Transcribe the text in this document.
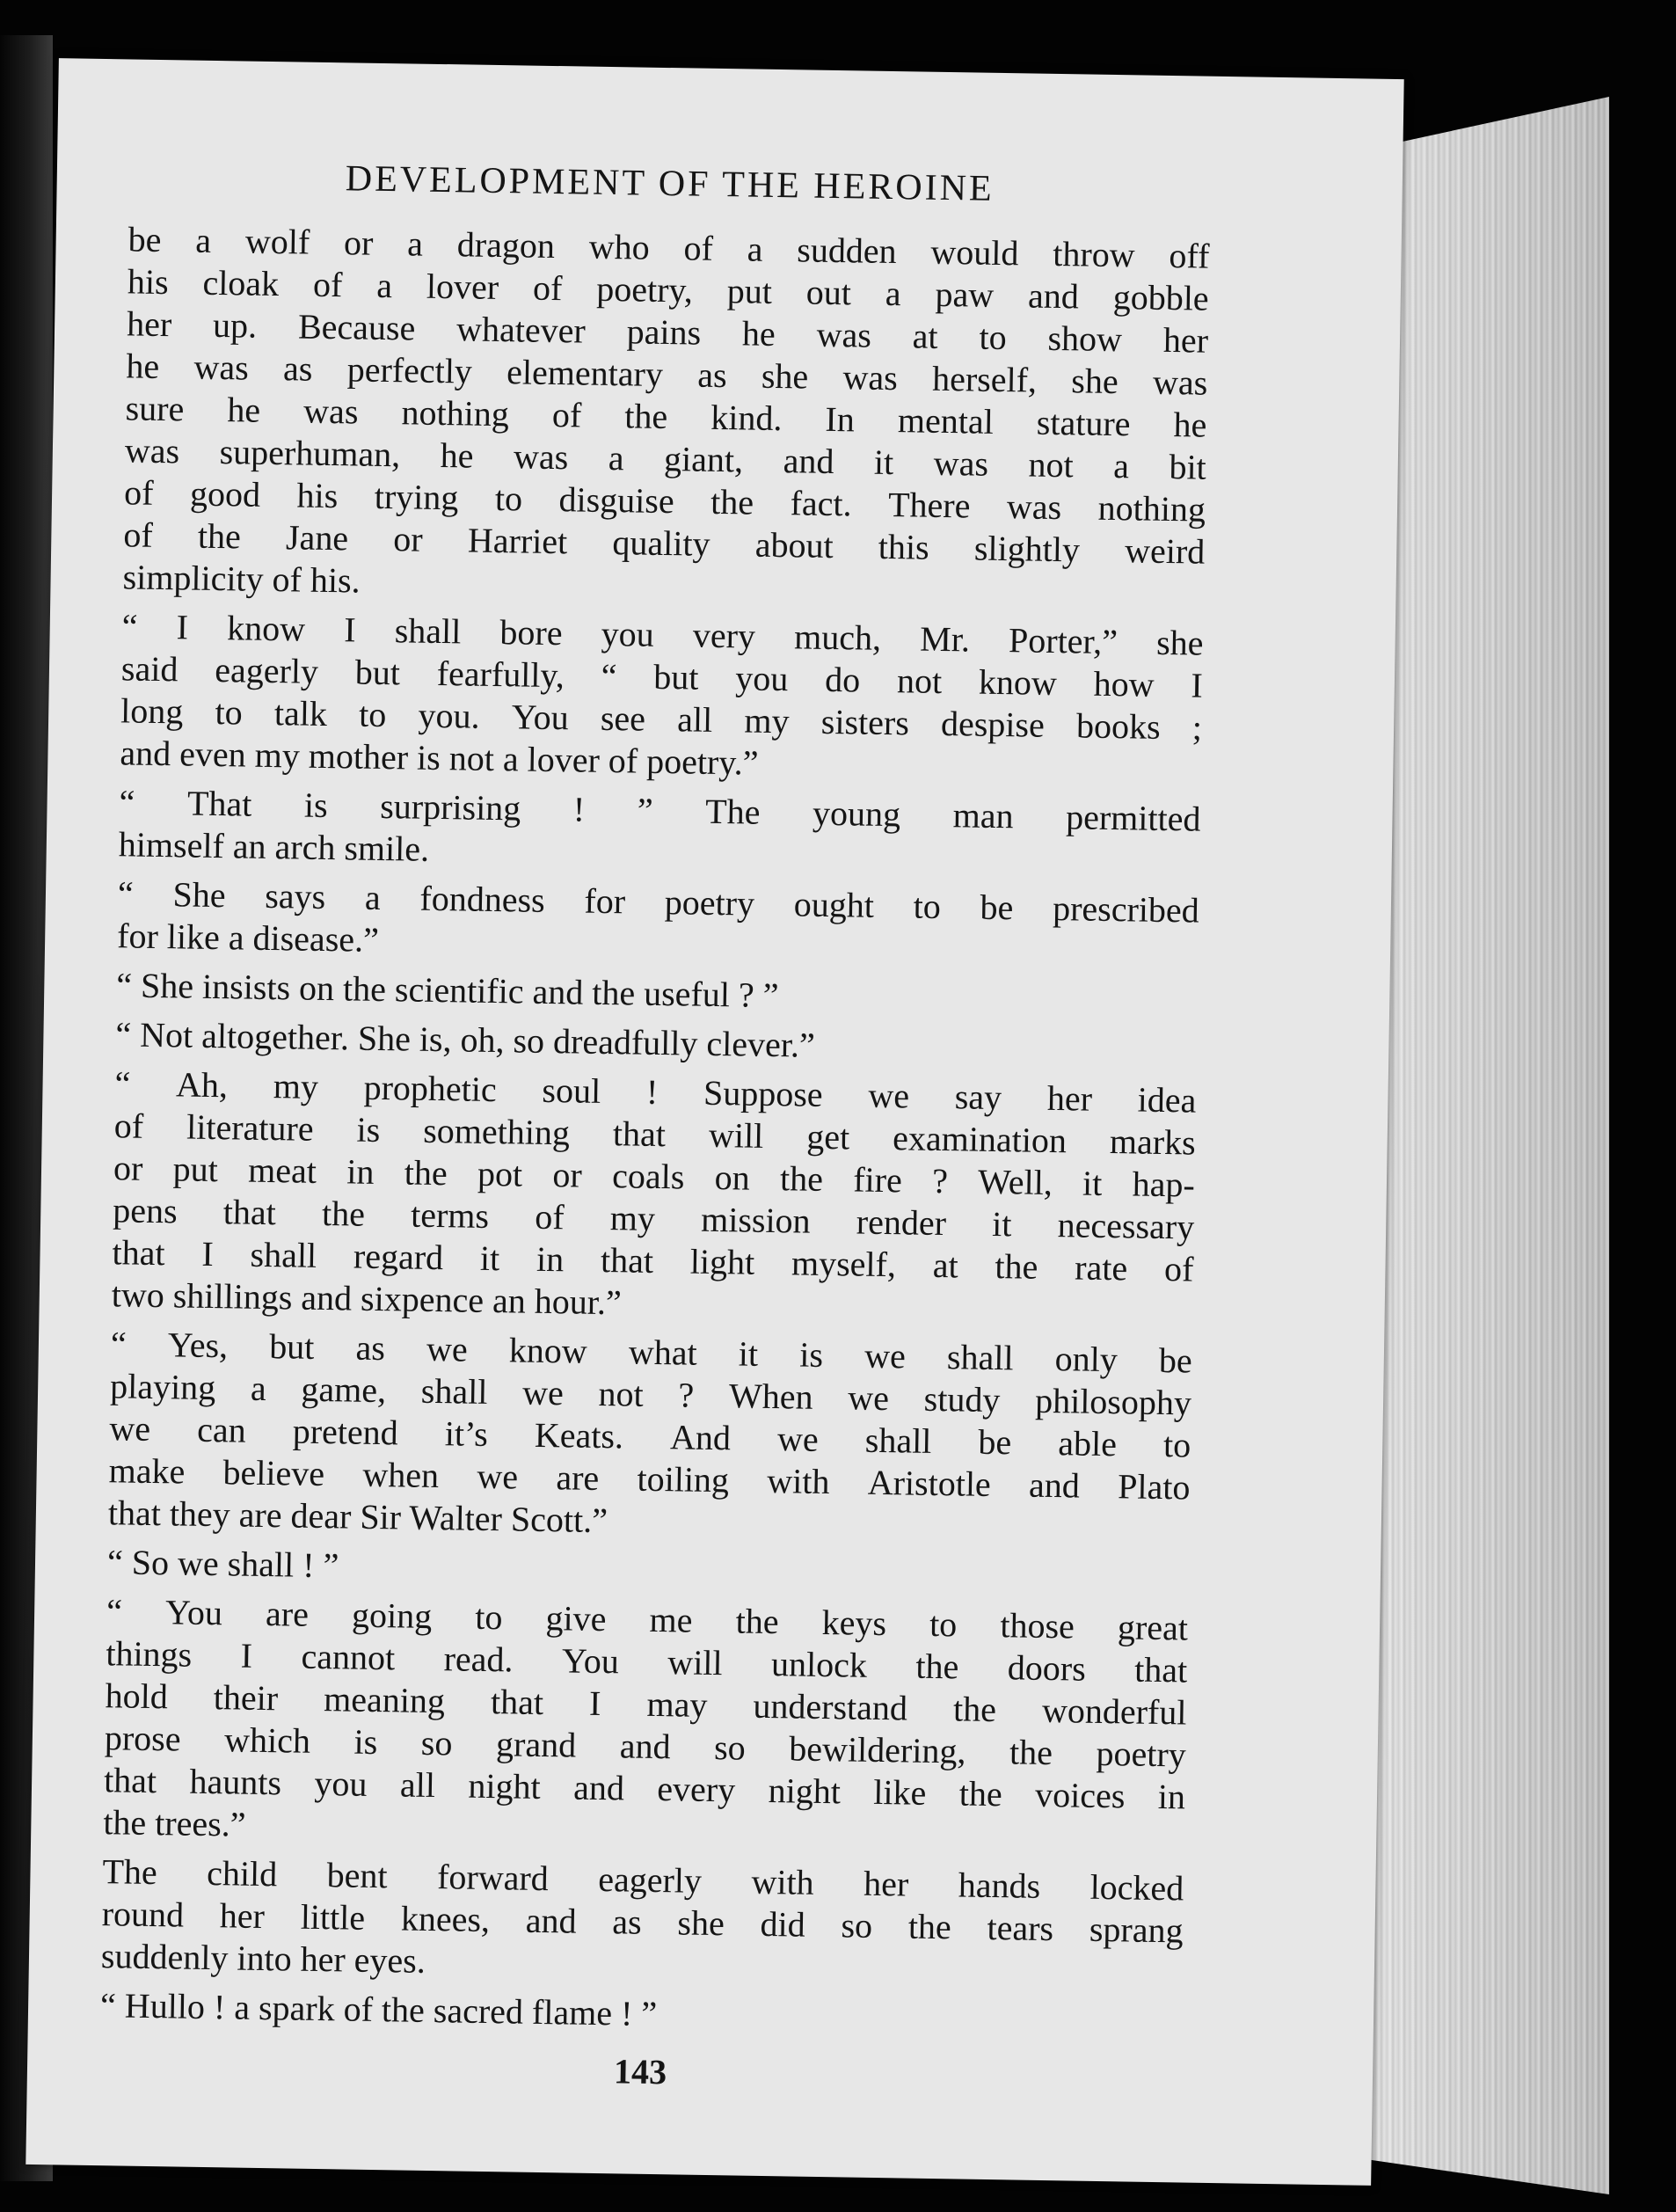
DEVELOPMENT OF THE HEROINE
be a wolf or a dragon who of a sudden would throw off
his cloak of a lover of poetry, put out a paw and gobble
her up. Because whatever pains he was at to show her
he was as perfectly elementary as she was herself, she was
sure he was nothing of the kind. In mental stature he
was superhuman, he was a giant, and it was not a bit
of good his trying to disguise the fact. There was nothing
of the Jane or Harriet quality about this slightly weird
simplicity of his.
“ I know I shall bore you very much, Mr. Porter,” she
said eagerly but fearfully, “ but you do not know how I
long to talk to you. You see all my sisters despise books ;
and even my mother is not a lover of poetry.”
“ That is surprising ! ” The young man permitted
himself an arch smile.
“ She says a fondness for poetry ought to be prescribed
for like a disease.”
“ She insists on the scientific and the useful ? ”
“ Not altogether. She is, oh, so dreadfully clever.”
“ Ah, my prophetic soul ! Suppose we say her idea
of literature is something that will get examination marks
or put meat in the pot or coals on the fire ? Well, it hap-
pens that the terms of my mission render it necessary
that I shall regard it in that light myself, at the rate of
two shillings and sixpence an hour.”
“ Yes, but as we know what it is we shall only be
playing a game, shall we not ? When we study philosophy
we can pretend it’s Keats. And we shall be able to
make believe when we are toiling with Aristotle and Plato
that they are dear Sir Walter Scott.”
“ So we shall ! ”
“ You are going to give me the keys to those great
things I cannot read. You will unlock the doors that
hold their meaning that I may understand the wonderful
prose which is so grand and so bewildering, the poetry
that haunts you all night and every night like the voices in
the trees.”
The child bent forward eagerly with her hands locked
round her little knees, and as she did so the tears sprang
suddenly into her eyes.
“ Hullo ! a spark of the sacred flame ! ”
143
